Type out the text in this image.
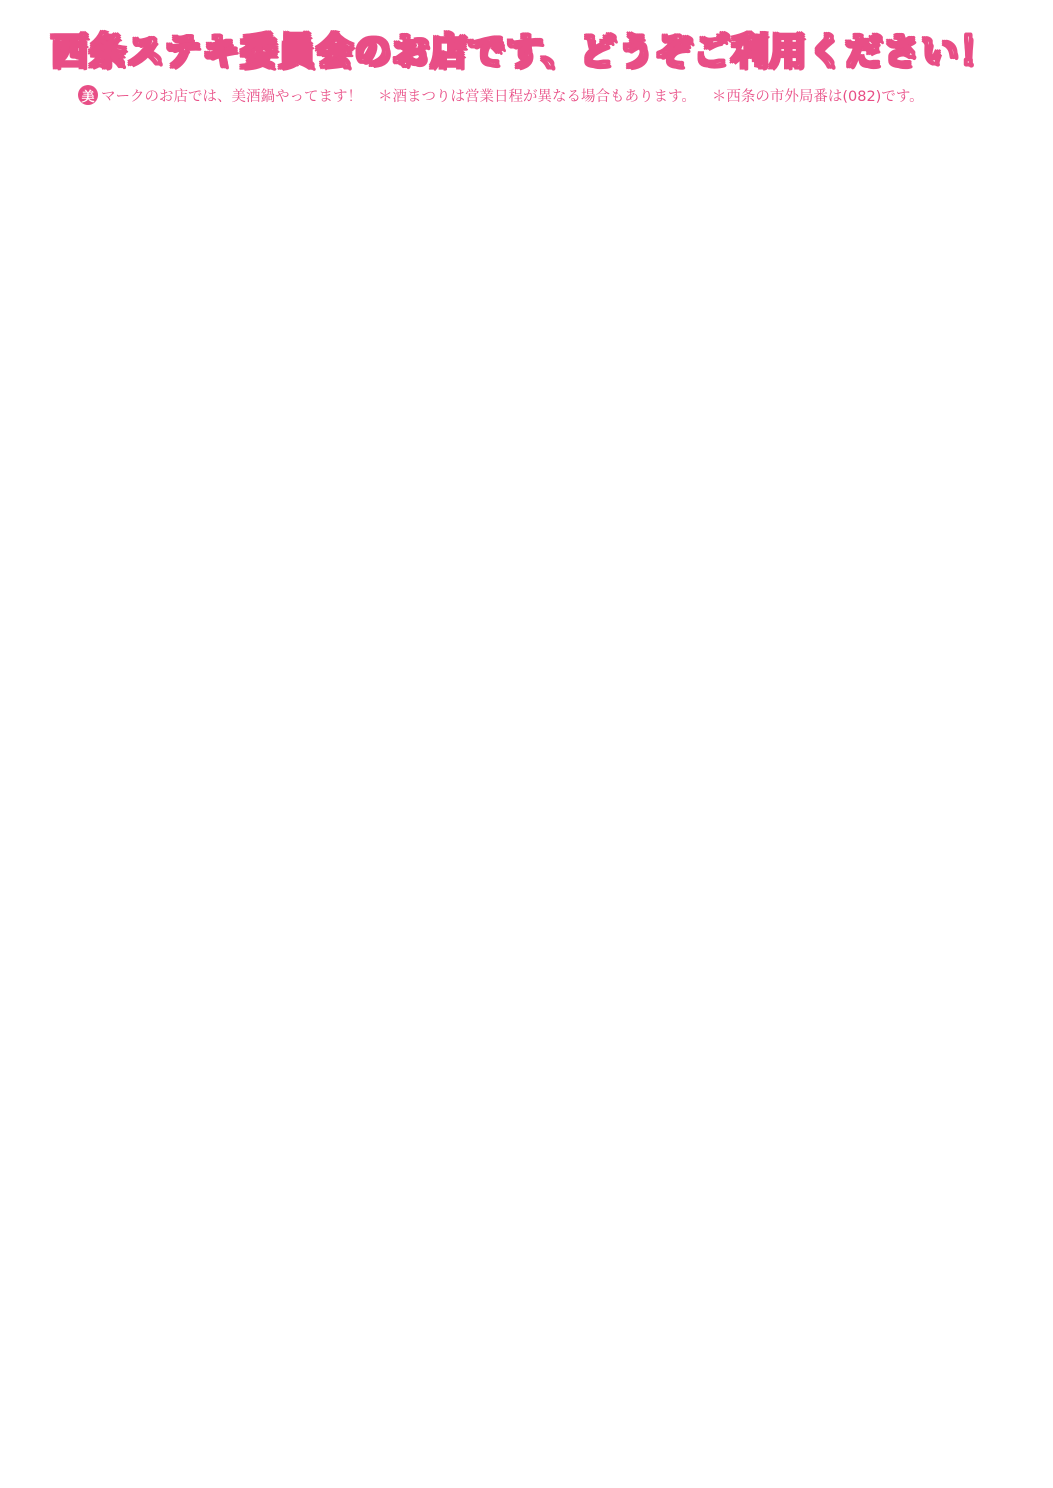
西条ステキ委員会のお店です、どうぞご利用ください！
美 マークのお店では、美酒鍋やってます！ ＊酒まつりは営業日程が異なる場合もあります。 ＊西条の市外局番は(082)です。
